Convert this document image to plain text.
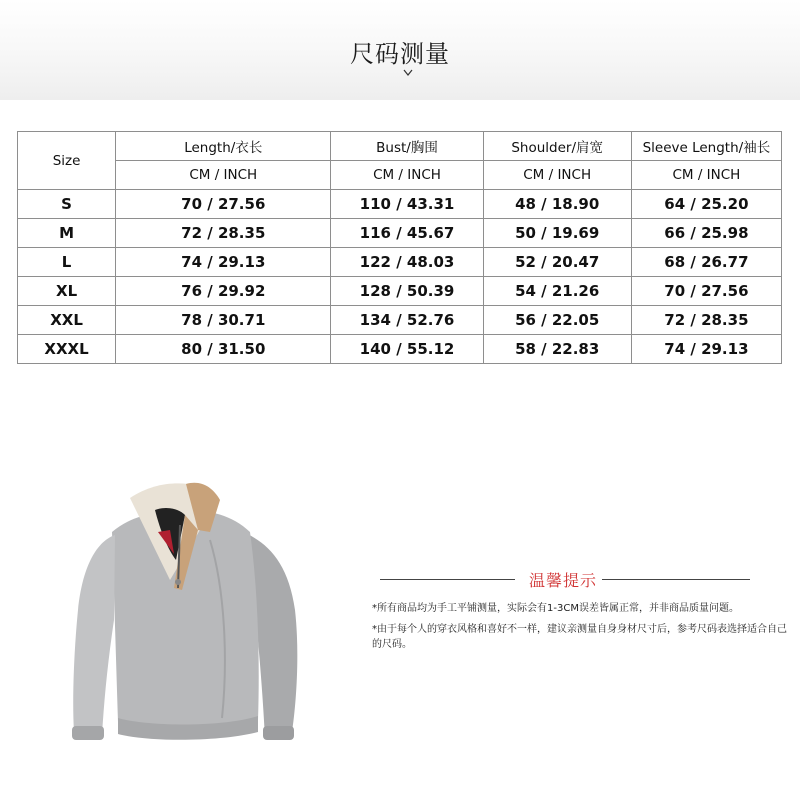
尺码测量
Size	Length/衣长	Bust/胸围	Shoulder/肩宽	Sleeve Length/袖长
	CM / INCH	CM / INCH	CM / INCH	CM / INCH
S	70 / 27.56	110 / 43.31	48 / 18.90	64 / 25.20
M	72 / 28.35	116 / 45.67	50 / 19.69	66 / 25.98
L	74 / 29.13	122 / 48.03	52 / 20.47	68 / 26.77
XL	76 / 29.92	128 / 50.39	54 / 21.26	70 / 27.56
XXL	78 / 30.71	134 / 52.76	56 / 22.05	72 / 28.35
XXXL	80 / 31.50	140 / 55.12	58 / 22.83	74 / 29.13
温馨提示
*所有商品均为手工平铺测量，实际会有1-3CM误差皆属正常，并非商品质量问题。
*由于每个人的穿衣风格和喜好不一样，建议亲测量自身身材尺寸后，参考尺码表选择适合自己的尺码。
